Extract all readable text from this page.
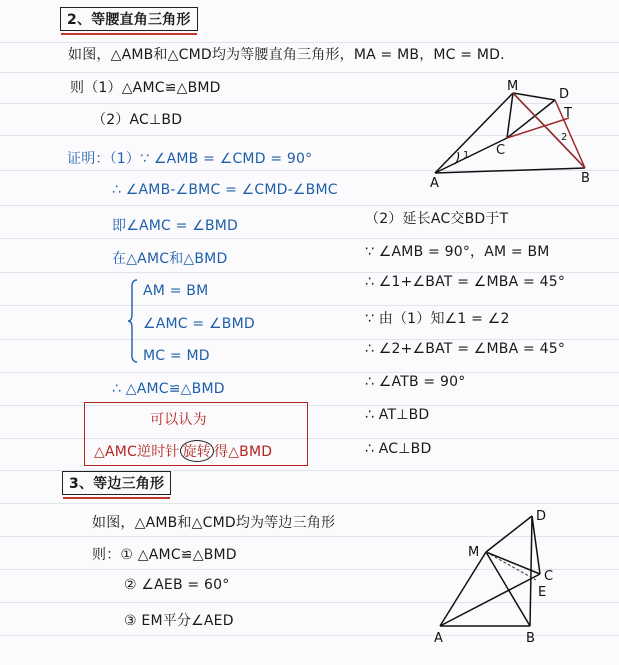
2、等腰直角三角形
如图，△AMB和△CMD均为等腰直角三角形，MA = MB，MC = MD.
则（1）△AMC≌△BMD
（2）AC⊥BD
证明：（1）∵ ∠AMB = ∠CMD = 90°
∴ ∠AMB-∠BMC = ∠CMD-∠BMC
即∠AMC = ∠BMD
在△AMC和△BMD
AM = BM
∠AMC = ∠BMD
MC = MD
∴ △AMC≌△BMD
可以认为
△AMC逆时针 旋转 得△BMD
（2）延长AC交BD于T
∵ ∠AMB = 90°，AM = BM
∴ ∠1+∠BAT = ∠MBA = 45°
∵ 由（1）知∠1 = ∠2
∴ ∠2+∠BAT = ∠MBA = 45°
∴ ∠ATB = 90°
∴ AT⊥BD
∴ AC⊥BD
M
D
T
C
A	B
1
2
3、等边三角形
如图，△AMB和△CMD均为等边三角形
则：① △AMC≌△BMD
② ∠AEB = 60°
③ EM平分∠AED
M
D
C
E
A	B
